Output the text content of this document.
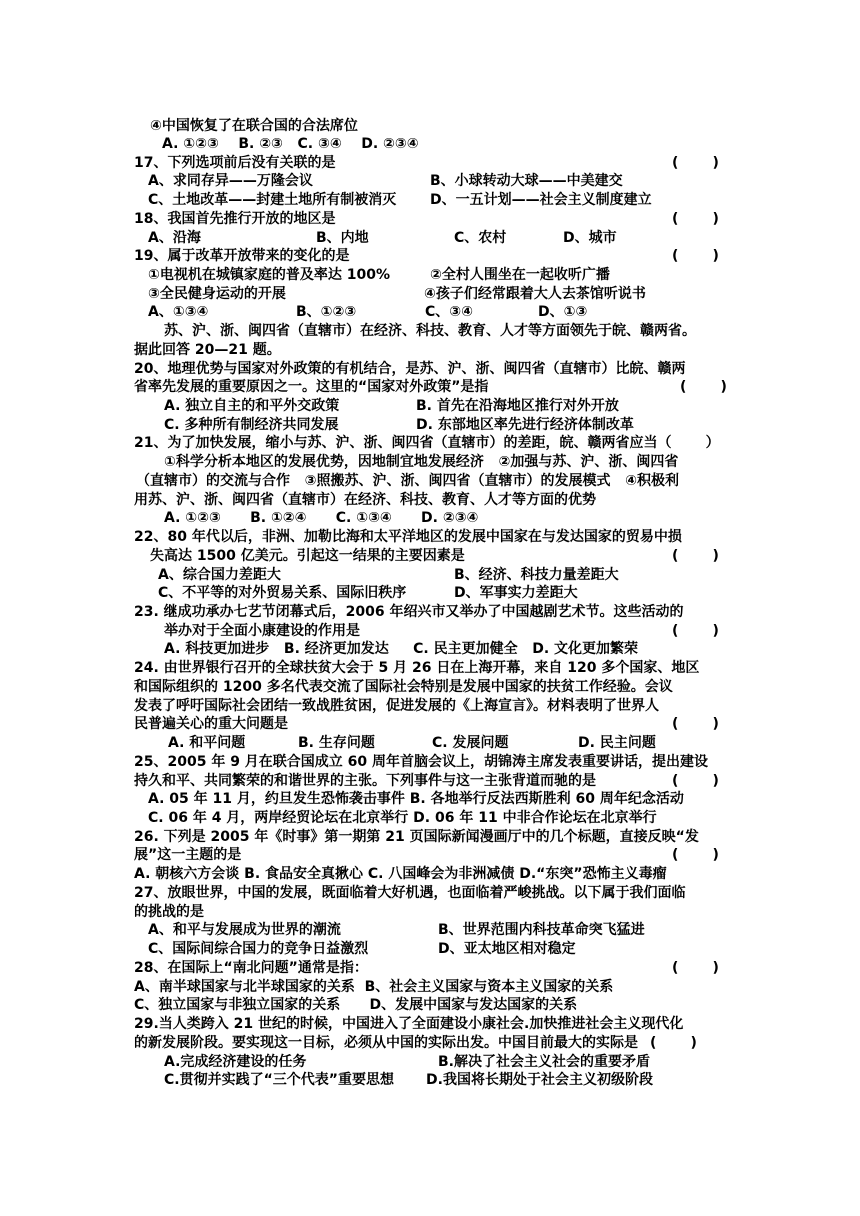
④中国恢复了在联合国的合法席位
A. ①②③    B. ②③   C. ③④    D. ②③④
17、下列选项前后没有关联的是	(       )
A、求同存异——万隆会议	B、小球转动大球——中美建交
C、土地改革——封建土地所有制被消灭 D、一五计划——社会主义制度建立
18、我国首先推行开放的地区是	(       )
A、沿海	B、内地	C、农村	D、城市
19、属于改革开放带来的变化的是	(       )
①电视机在城镇家庭的普及率达 100%	②全村人围坐在一起收听广播
③全民健身运动的开展	④孩子们经常跟着大人去茶馆听说书
A、①③④	B、①②③	C、③④	D、①③
苏、沪、浙、闽四省（直辖市）在经济、科技、教育、人才等方面领先于皖、赣两省。
据此回答 20—21 题。
20、地理优势与国家对外政策的有机结合，是苏、沪、浙、闽四省（直辖市）比皖、赣两
省率先发展的重要原因之一。这里的“国家对外政策”是指	(       )
A. 独立自主的和平外交政策	B. 首先在沿海地区推行对外开放
C. 多种所有制经济共同发展	D. 东部地区率先进行经济体制改革
21、为了加快发展，缩小与苏、沪、浙、闽四省（直辖市）的差距，皖、赣两省应当（       ）
①科学分析本地区的发展优势，因地制宜地发展经济   ②加强与苏、沪、浙、闽四省
（直辖市）的交流与合作   ③照搬苏、沪、浙、闽四省（直辖市）的发展模式   ④积极利
用苏、沪、浙、闽四省（直辖市）在经济、科技、教育、人才等方面的优势
A. ①②③      B. ①②④      C. ①③④      D. ②③④
22、80 年代以后，非洲、加勒比海和太平洋地区的发展中国家在与发达国家的贸易中损
失高达 1500 亿美元。引起这一结果的主要因素是	(       )
A、综合国力差距大	B、经济、科技力量差距大
C、不平等的对外贸易关系、国际旧秩序	D、军事实力差距大
23. 继成功承办七艺节闭幕式后，2006 年绍兴市又举办了中国越剧艺术节。这些活动的
举办对于全面小康建设的作用是	(       )
A. 科技更加进步   B. 经济更加发达     C. 民主更加健全   D. 文化更加繁荣
24. 由世界银行召开的全球扶贫大会于 5 月 26 日在上海开幕，来自 120 多个国家、地区
和国际组织的 1200 多名代表交流了国际社会特别是发展中国家的扶贫工作经验。会议
发表了呼吁国际社会团结一致战胜贫困，促进发展的《上海宣言》。材料表明了世界人
民普遍关心的重大问题是	(       )
A. 和平问题	B. 生存问题	C. 发展问题	D. 民主问题
25、2005 年 9 月在联合国成立 60 周年首脑会议上，胡锦涛主席发表重要讲话，提出建设
持久和平、共同繁荣的和谐世界的主张。下列事件与这一主张背道而驰的是	(       )
A. 05 年 11 月，约旦发生恐怖袭击事件 B. 各地举行反法西斯胜利 60 周年纪念活动
C. 06 年 4 月，两岸经贸论坛在北京举行 D. 06 年 11 中非合作论坛在北京举行
26. 下列是 2005 年《时事》第一期第 21 页国际新闻漫画厅中的几个标题，直接反映“发
展”这一主题的是	(       )
A. 朝核六方会谈 B. 食品安全真揪心 C. 八国峰会为非洲减债 D.“东突”恐怖主义毒瘤
27、放眼世界，中国的发展，既面临着大好机遇，也面临着严峻挑战。以下属于我们面临
的挑战的是
A、和平与发展成为世界的潮流	B、世界范围内科技革命突飞猛进
C、国际间综合国力的竞争日益激烈	D、亚太地区相对稳定
28、在国际上“南北问题”通常是指：	(       )
A、南半球国家与北半球国家的关系  B、社会主义国家与资本主义国家的关系
C、独立国家与非独立国家的关系      D、发展中国家与发达国家的关系
29.当人类跨入 21 世纪的时候，中国进入了全面建设小康社会.加快推进社会主义现代化
的新发展阶段。要实现这一目标，必须从中国的实际出发。中国目前最大的实际是 (       )
A.完成经济建设的任务	B.解决了社会主义社会的重要矛盾
C.贯彻并实践了“三个代表”重要思想 D.我国将长期处于社会主义初级阶段
